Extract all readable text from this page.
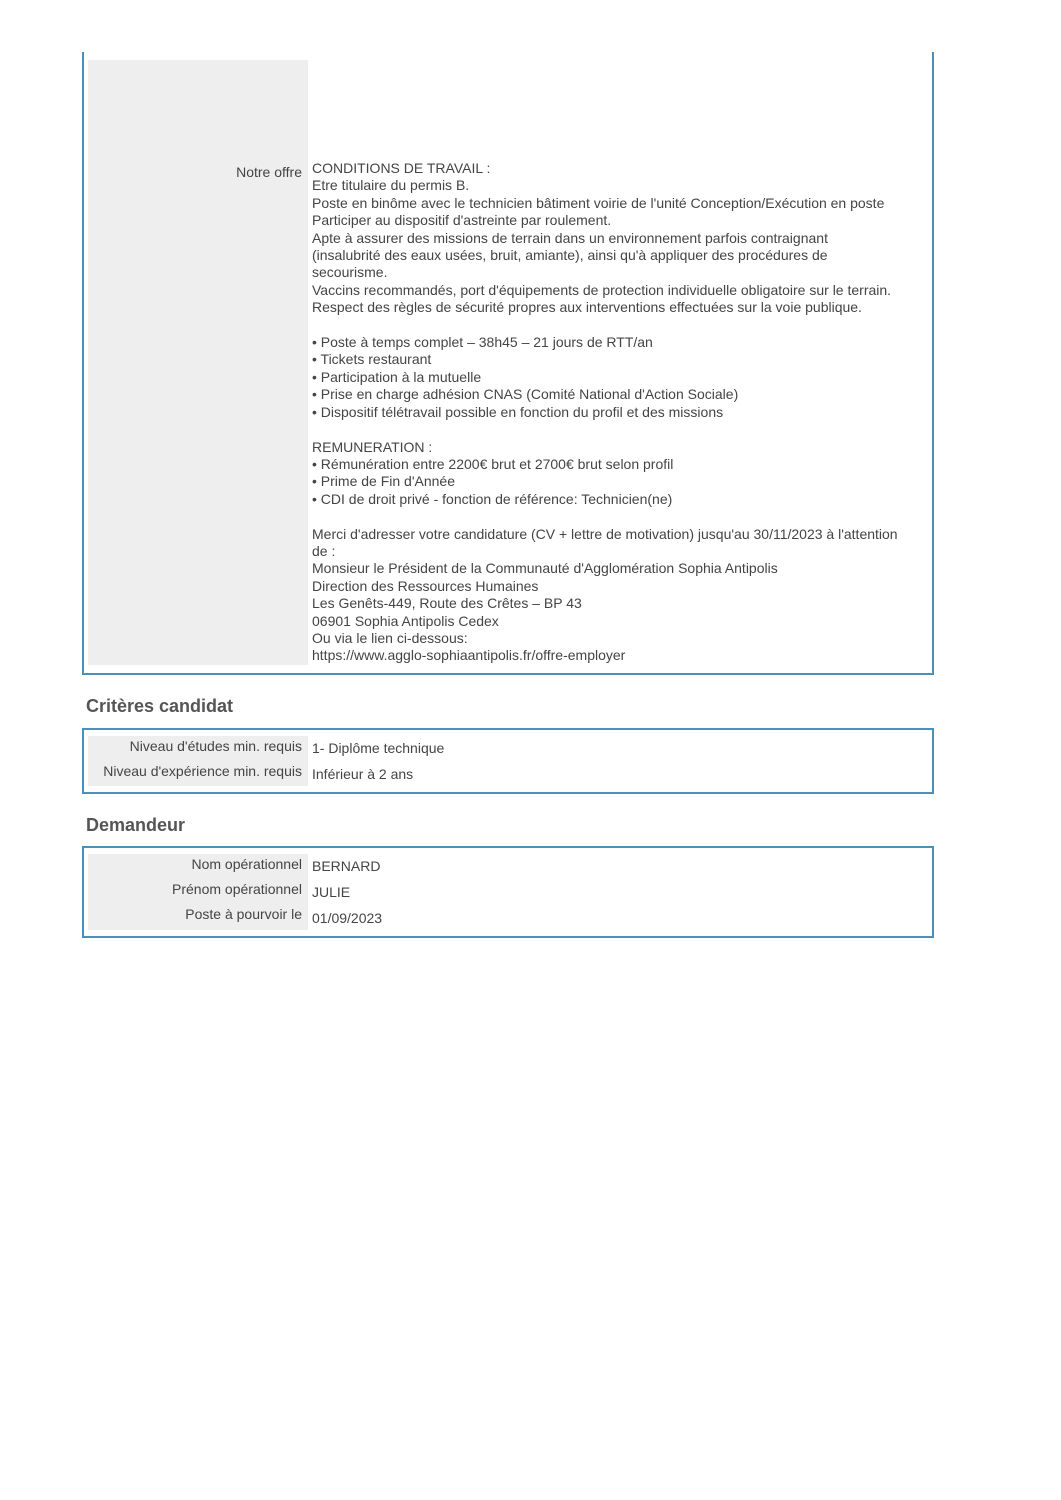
Notre offre CONDITIONS DE TRAVAIL :
Etre titulaire du permis B.
Poste en binôme avec le technicien bâtiment voirie de l'unité Conception/Exécution en poste
Participer au dispositif d'astreinte par roulement.
Apte à assurer des missions de terrain dans un environnement parfois contraignant
(insalubrité des eaux usées, bruit, amiante), ainsi qu'à appliquer des procédures de
secourisme.
Vaccins recommandés, port d'équipements de protection individuelle obligatoire sur le terrain.
Respect des règles de sécurité propres aux interventions effectuées sur la voie publique.

• Poste à temps complet – 38h45 – 21 jours de RTT/an
• Tickets restaurant
• Participation à la mutuelle
• Prise en charge adhésion CNAS (Comité National d'Action Sociale)
• Dispositif télétravail possible en fonction du profil et des missions

REMUNERATION :
• Rémunération entre 2200€ brut et 2700€ brut selon profil
• Prime de Fin d'Année
• CDI de droit privé - fonction de référence: Technicien(ne)

Merci d'adresser votre candidature (CV + lettre de motivation) jusqu'au 30/11/2023 à l'attention
de :
Monsieur le Président de la Communauté d'Agglomération Sophia Antipolis
Direction des Ressources Humaines
Les Genêts-449, Route des Crêtes – BP 43
06901 Sophia Antipolis Cedex
Ou via le lien ci-dessous:
https://www.agglo-sophiaantipolis.fr/offre-employer
Critères candidat
Niveau d'études min. requis
Niveau d'expérience min. requis
1- Diplôme technique
Inférieur à 2 ans
Demandeur
Nom opérationnel
Prénom opérationnel
Poste à pourvoir le
BERNARD
JULIE
01/09/2023
